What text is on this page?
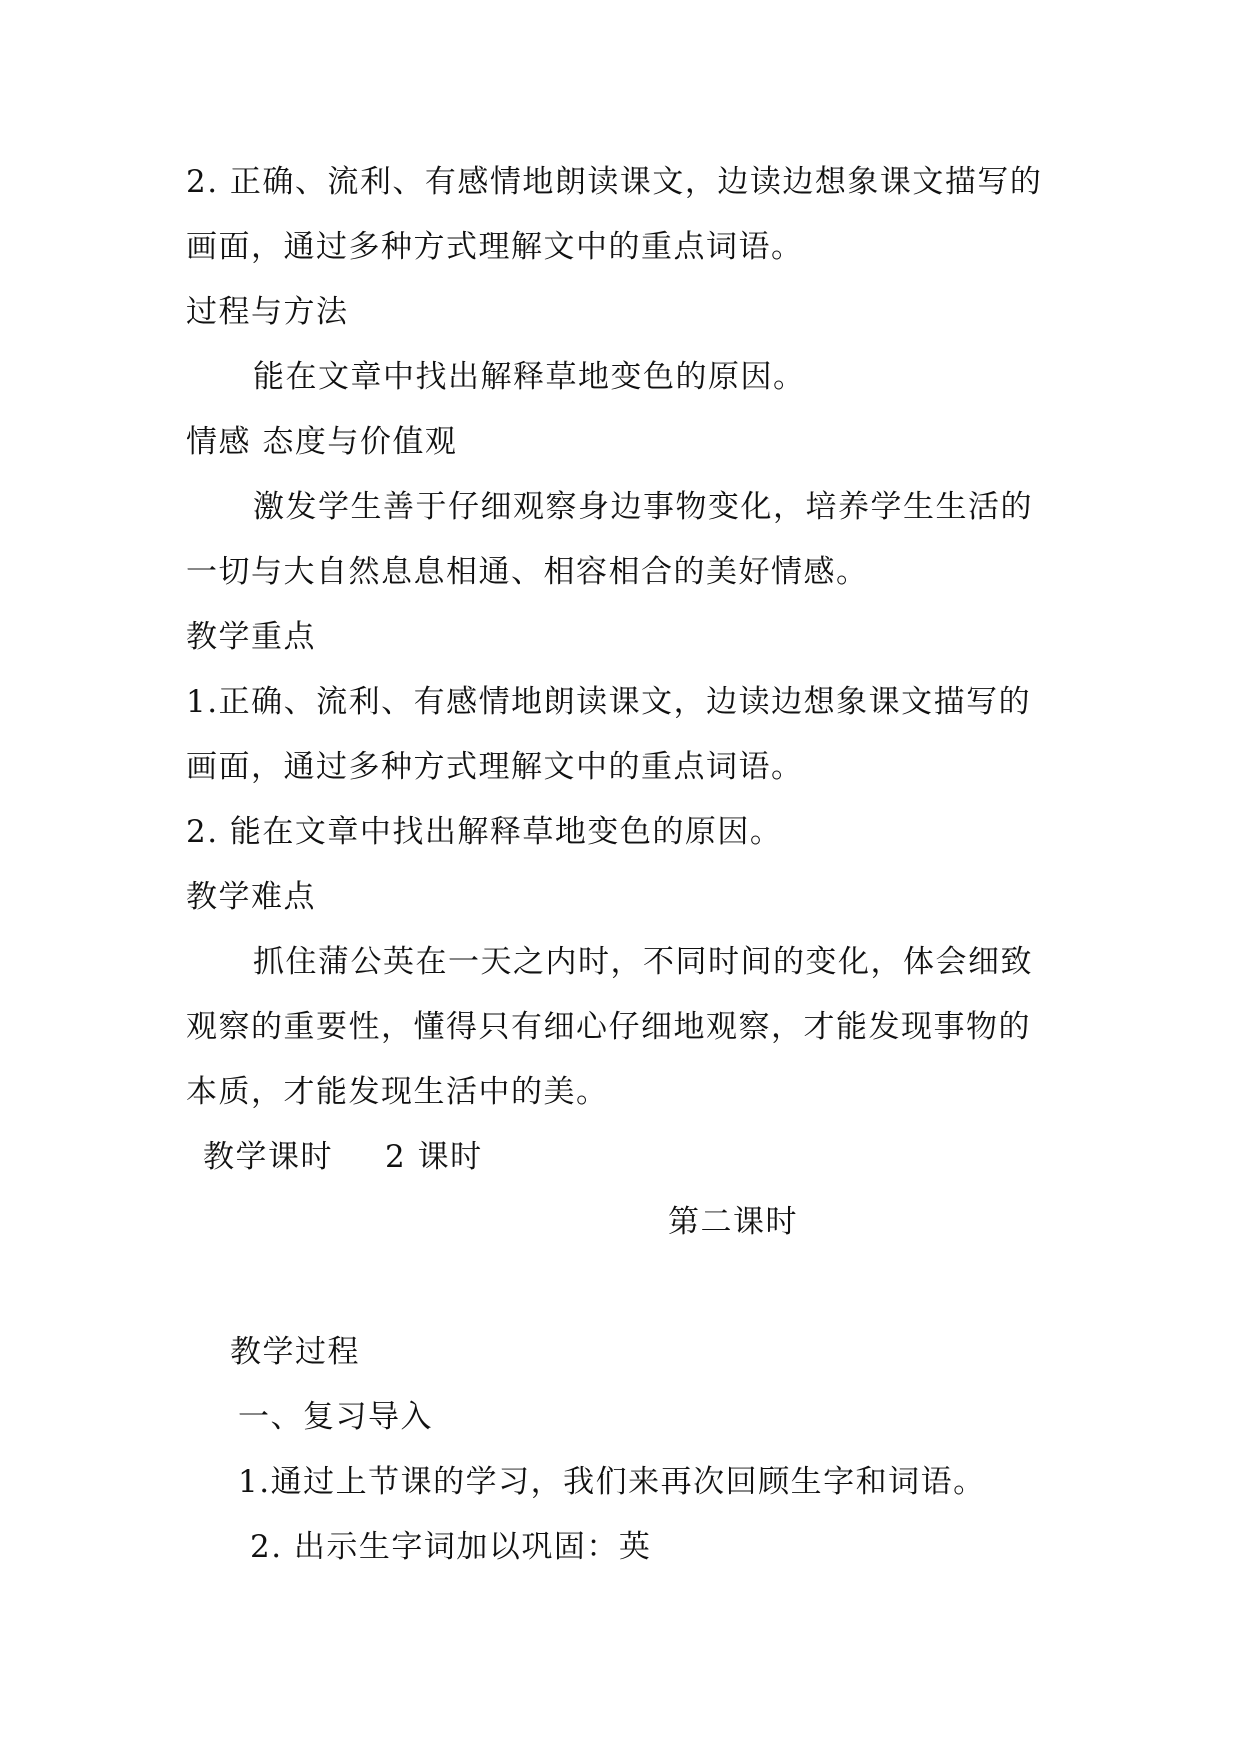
2. 正确、流利、有感情地朗读课文，边读边想象课文描写的
画面，通过多种方式理解文中的重点词语。
过程与方法
能在文章中找出解释草地变色的原因。
情感 态度与价值观
激发学生善于仔细观察身边事物变化，培养学生生活的
一切与大自然息息相通、相容相合的美好情感。
教学重点
1.正确、流利、有感情地朗读课文，边读边想象课文描写的
画面，通过多种方式理解文中的重点词语。
2. 能在文章中找出解释草地变色的原因。
教学难点
抓住蒲公英在一天之内时，不同时间的变化，体会细致
观察的重要性，懂得只有细心仔细地观察，才能发现事物的
本质，才能发现生活中的美。
教学课时 2 课时
第二课时
教学过程
一、复习导入
1.通过上节课的学习，我们来再次回顾生字和词语。
2. 出示生字词加以巩固：英
